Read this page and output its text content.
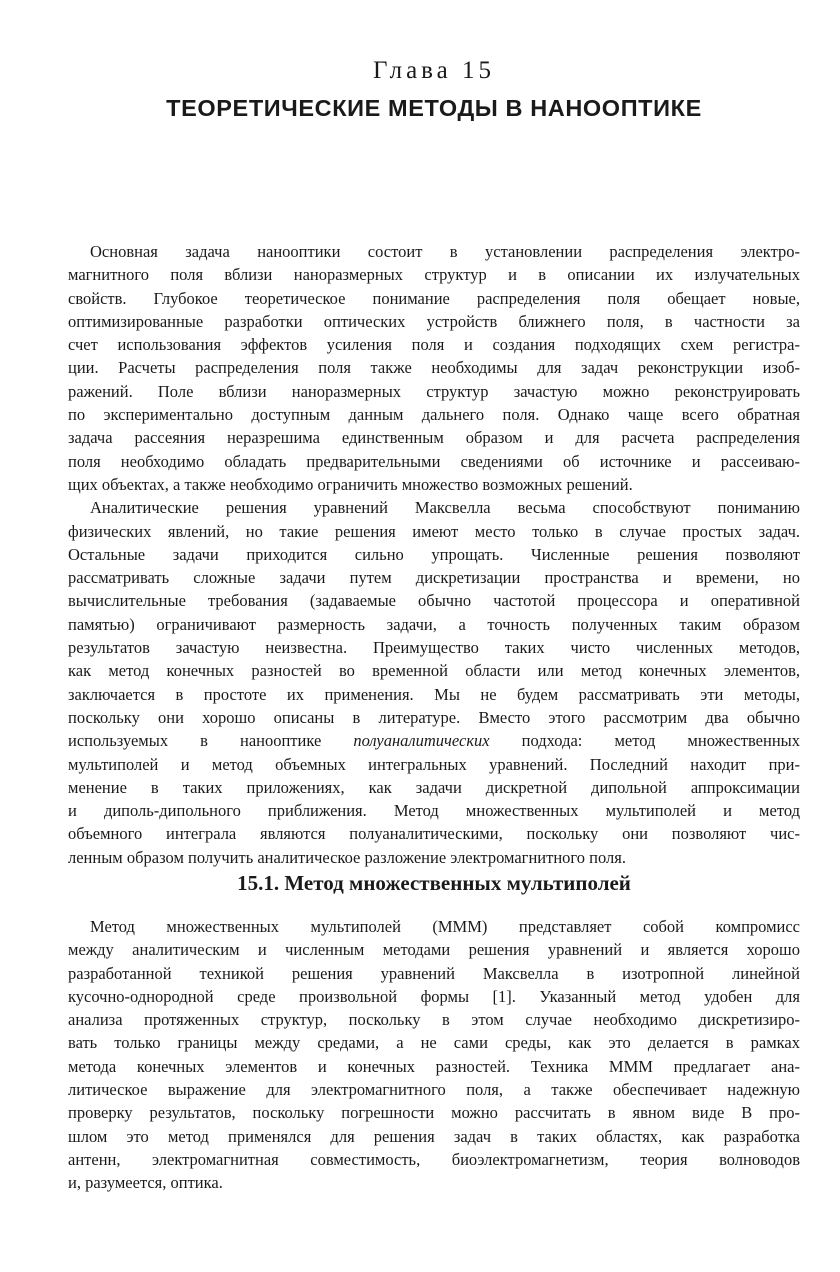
Глава 15
ТЕОРЕТИЧЕСКИЕ МЕТОДЫ В НАНООПТИКЕ
Основная задача нанооптики состоит в установлении распределения электро-
магнитного поля вблизи наноразмерных структур и в описании их излучательных
свойств. Глубокое теоретическое понимание распределения поля обещает новые,
оптимизированные разработки оптических устройств ближнего поля, в частности за
счет использования эффектов усиления поля и создания подходящих схем регистра-
ции. Расчеты распределения поля также необходимы для задач реконструкции изоб-
ражений. Поле вблизи наноразмерных структур зачастую можно реконструировать
по экспериментально доступным данным дальнего поля. Однако чаще всего обратная
задача рассеяния неразрешима единственным образом и для расчета распределения
поля необходимо обладать предварительными сведениями об источнике и рассеиваю-
щих объектах, а также необходимо ограничить множество возможных решений.
Аналитические решения уравнений Максвелла весьма способствуют пониманию
физических явлений, но такие решения имеют место только в случае простых задач.
Остальные задачи приходится сильно упрощать. Численные решения позволяют
рассматривать сложные задачи путем дискретизации пространства и времени, но
вычислительные требования (задаваемые обычно частотой процессора и оперативной
памятью) ограничивают размерность задачи, а точность полученных таким образом
результатов зачастую неизвестна. Преимущество таких чисто численных методов,
как метод конечных разностей во временной области или метод конечных элементов,
заключается в простоте их применения. Мы не будем рассматривать эти методы,
поскольку они хорошо описаны в литературе. Вместо этого рассмотрим два обычно
используемых в нанооптике полуаналитических подхода: метод множественных
мультиполей и метод объемных интегральных уравнений. Последний находит при-
менение в таких приложениях, как задачи дискретной дипольной аппроксимации
и диполь-дипольного приближения. Метод множественных мультиполей и метод
объемного интеграла являются полуаналитическими, поскольку они позволяют чис-
ленным образом получить аналитическое разложение электромагнитного поля.
15.1. Метод множественных мультиполей
Метод множественных мультиполей (MMM) представляет собой компромисс
между аналитическим и численным методами решения уравнений и является хорошо
разработанной техникой решения уравнений Максвелла в изотропной линейной
кусочно-однородной среде произвольной формы [1]. Указанный метод удобен для
анализа протяженных структур, поскольку в этом случае необходимо дискретизиро-
вать только границы между средами, а не сами среды, как это делается в рамках
метода конечных элементов и конечных разностей. Техника MMM предлагает ана-
литическое выражение для электромагнитного поля, а также обеспечивает надежную
проверку результатов, поскольку погрешности можно рассчитать в явном виде В про-
шлом это метод применялся для решения задач в таких областях, как разработка
антенн, электромагнитная совместимость, биоэлектромагнетизм, теория волноводов
и, разумеется, оптика.
